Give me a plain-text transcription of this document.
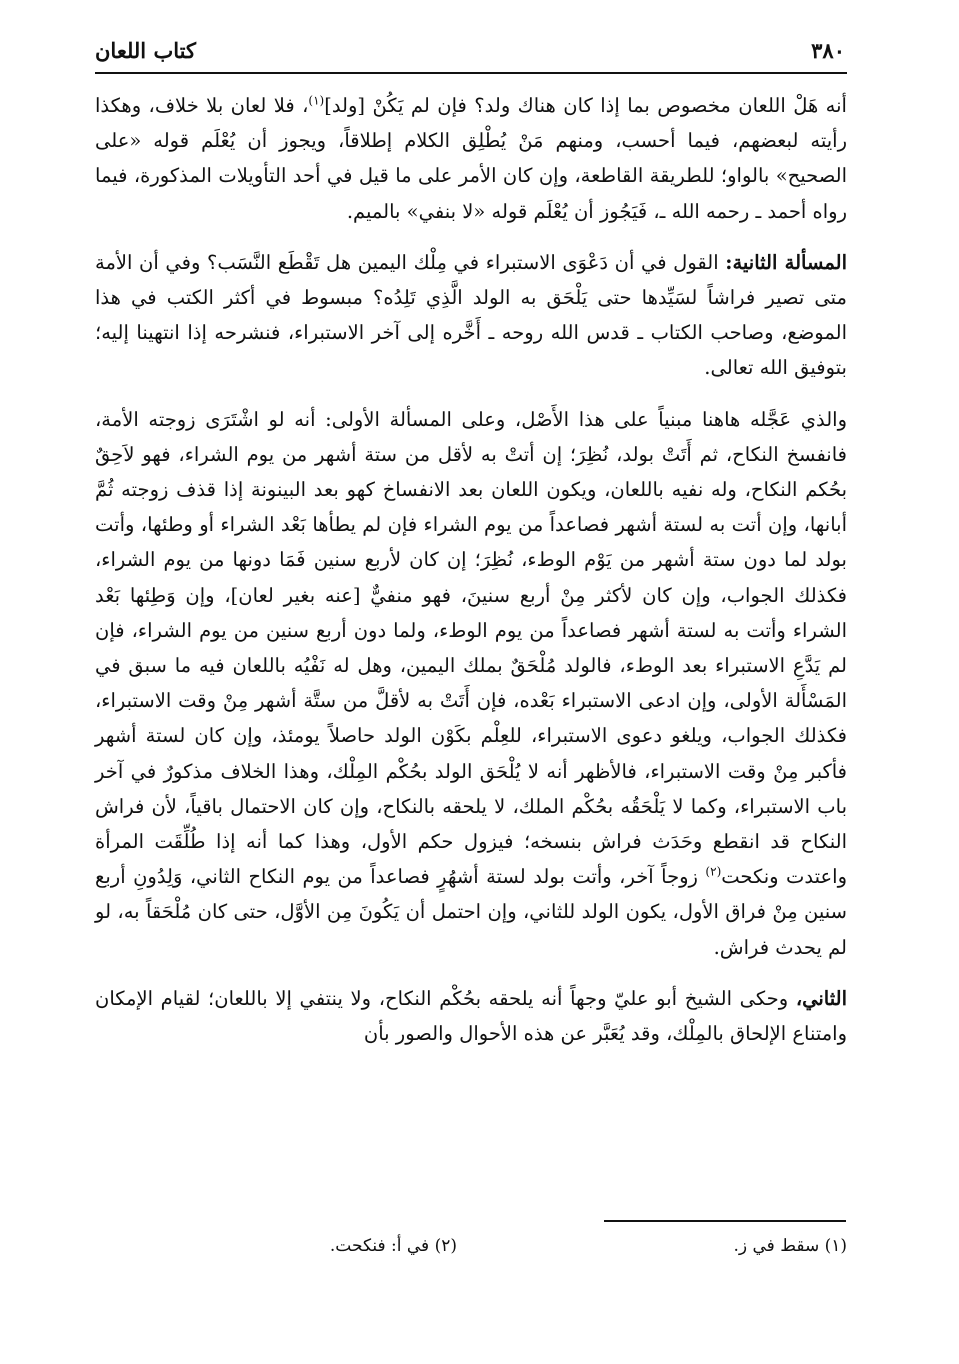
٣٨٠
كتاب اللعان

أنه هَلْ اللعان مخصوص بما إذا كان هناك ولد؟ فإن لم يَكُنْ [ولد]$^{(١)}$، فلا لعان بلا خلاف، وهكذا رأيته لبعضهم، فيما أحسب، ومنهم مَنْ يُطْلِق الكلام إطلاقاً، ويجوز أن يُعْلَم قوله «على الصحيح» بالواو؛ للطريقة القاطعة، وإن كان الأمر على ما قيل في أحد التأويلات المذكورة، فيما رواه أحمد ـ رحمه الله ـ، فَيَجُوز أن يُعْلَم قوله «لا بنفي» بالميم.

المسألة الثانية: القول في أن دَعْوَى الاستبراء في مِلْك اليمين هل تَقْطَع النَّسَب؟ وفي أن الأمة متى تصير فراشاً لسَيِّدها حتى يَلْحَق به الولد الَّذِي تَلِدُه؟ مبسوط في أكثر الكتب في هذا الموضع، وصاحب الكتاب ـ قدس الله روحه ـ أَخَّره إلى آخر الاستبراء، فنشرحه إذا انتهينا إليه؛ بتوفيق الله تعالى.

والذي عَجَّله هاهنا مبنياً على هذا الأَصْل، وعلى المسألة الأولى: أنه لو اشْتَرَى زوجته الأمة، فانفسخ النكاح، ثم أَتَتْ بولد، نُظِرَ؛ إن أتتْ به لأقل من ستة أشهر من يوم الشراء، فهو لاَحِقٌ بحُكم النكاح، وله نفيه باللعان، ويكون اللعان بعد الانفساخ كهو بعد البينونة إذا قذف زوجته ثُمَّ أبانها، وإن أتت به لستة أشهر فصاعداً من يوم الشراء فإن لم يطأها بَعْد الشراء أو وطئها، وأتت بولد لما دون ستة أشهر من يَوْم الوطء، نُظِرَ؛ إن كان لأربع سنين فَمَا دونها من يوم الشراء، فكذلك الجواب، وإن كان لأكثر مِنْ أربع سنينَ، فهو منفيٌّ [عنه بغير لعان]، وإن وَطِئها بَعْد الشراء وأتت به لستة أشهر فصاعداً من يوم الوطء، ولما دون أربع سنين من يوم الشراء، فإن لم يَدَّعِ الاستبراء بعد الوطء، فالولد مُلْحَقٌ بملك اليمين، وهل له نَفْيُه باللعان فيه ما سبق في المَسْأَلة الأولى، وإن ادعى الاستبراء بَعْده، فإن أَتَتْ به لأقلَّ من ستَّة أشهر مِنْ وقت الاستبراء، فكذلك الجواب، ويلغو دعوى الاستبراء، للعِلْم بكَوْن الولد حاصلاً يومئذ، وإن كان لستة أشهر فأكبر مِنْ وقت الاستبراء، فالأظهر أنه لا يُلْحَق الولد بحُكْم المِلْك، وهذا الخلاف مذكورٌ في آخر باب الاستبراء، وكما لا يَلْحَقُه بحُكْم الملك، لا يلحقه بالنكاح، وإن كان الاحتمال باقياً، لأن فراش النكاح قد انقطع وحَدَث فراش بنسخه؛ فيزول حكم الأول، وهذا كما أنه إذا طُلِّقَت المرأة واعتدت ونكحت$^{(٢)}$ زوجاً آخر، وأتت بولد لستة أشهُرٍ فصاعداً من يوم النكاح الثاني، وَلِدُونِ أربع سنين مِنْ فراق الأول، يكون الولد للثاني، وإن احتمل أن يَكُونَ مِن الأوَّل، حتى كان مُلْحَقاً به، لو لم يحدث فراش.

الثاني، وحكى الشيخ أبو عليّ وجهاً أنه يلحقه بحُكْم النكاح، ولا ينتفي إلا باللعان؛ لقيام الإمكان وامتناع الإلحاق بالمِلْك، وقد يُعَبَّر عن هذه الأحوال والصور بأن

(١) سقط في ز.
(٢) في أ: فنكحت.
